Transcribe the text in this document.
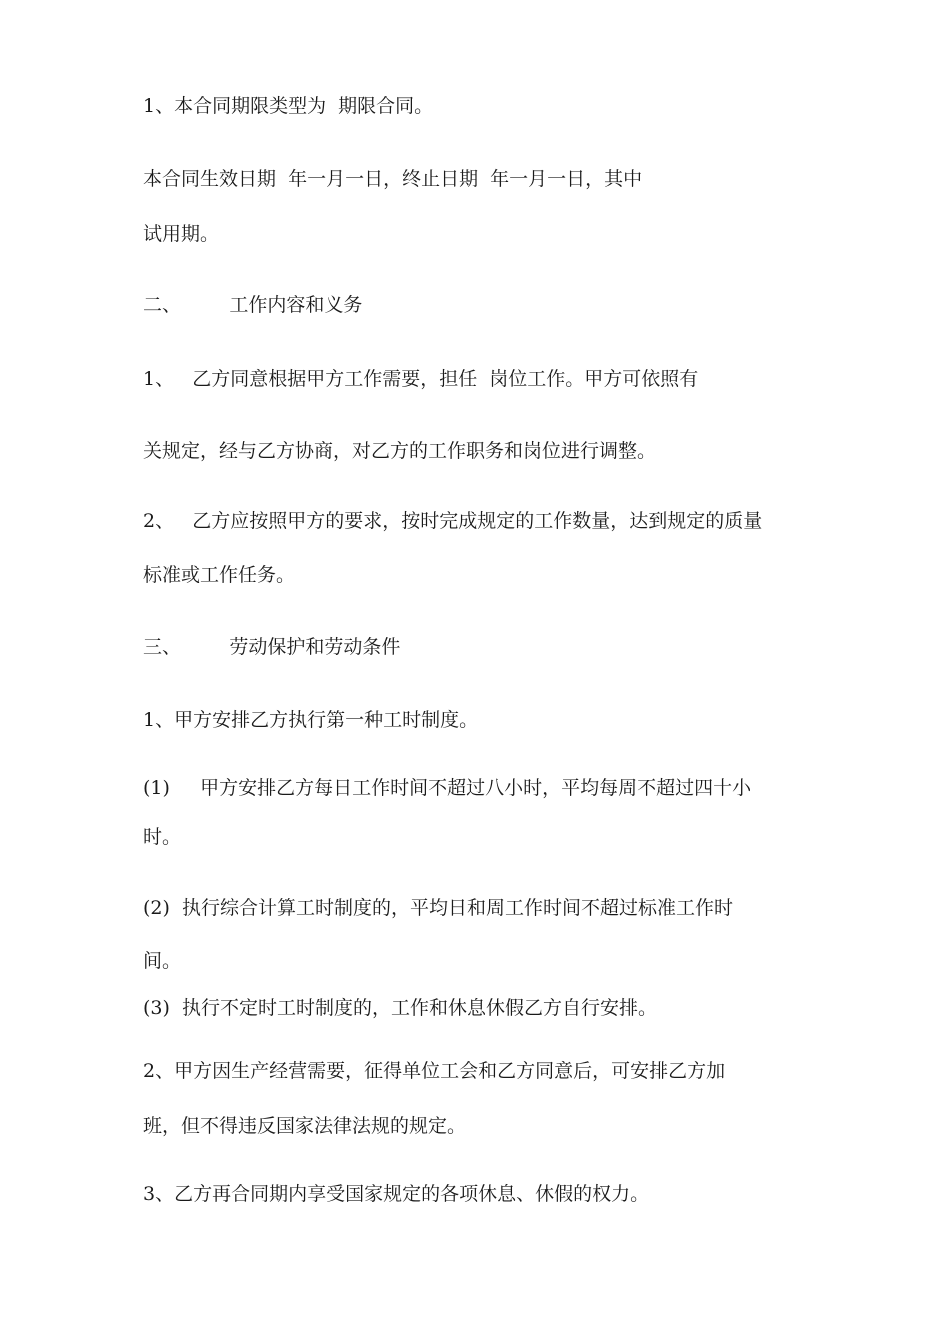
1、本合同期限类型为  期限合同。
本合同生效日期  年一月一日，终止日期  年一月一日，其中
试用期。
二、        工作内容和义务
1、   乙方同意根据甲方工作需要，担任  岗位工作。甲方可依照有
关规定，经与乙方协商，对乙方的工作职务和岗位进行调整。
2、   乙方应按照甲方的要求，按时完成规定的工作数量，达到规定的质量
标准或工作任务。
三、        劳动保护和劳动条件
1、甲方安排乙方执行第一种工时制度。
(1)     甲方安排乙方每日工作时间不超过八小时，平均每周不超过四十小
时。
(2)  执行综合计算工时制度的，平均日和周工作时间不超过标准工作时
间。
(3)  执行不定时工时制度的，工作和休息休假乙方自行安排。
2、甲方因生产经营需要，征得单位工会和乙方同意后，可安排乙方加
班，但不得违反国家法律法规的规定。
3、乙方再合同期内享受国家规定的各项休息、休假的权力。
